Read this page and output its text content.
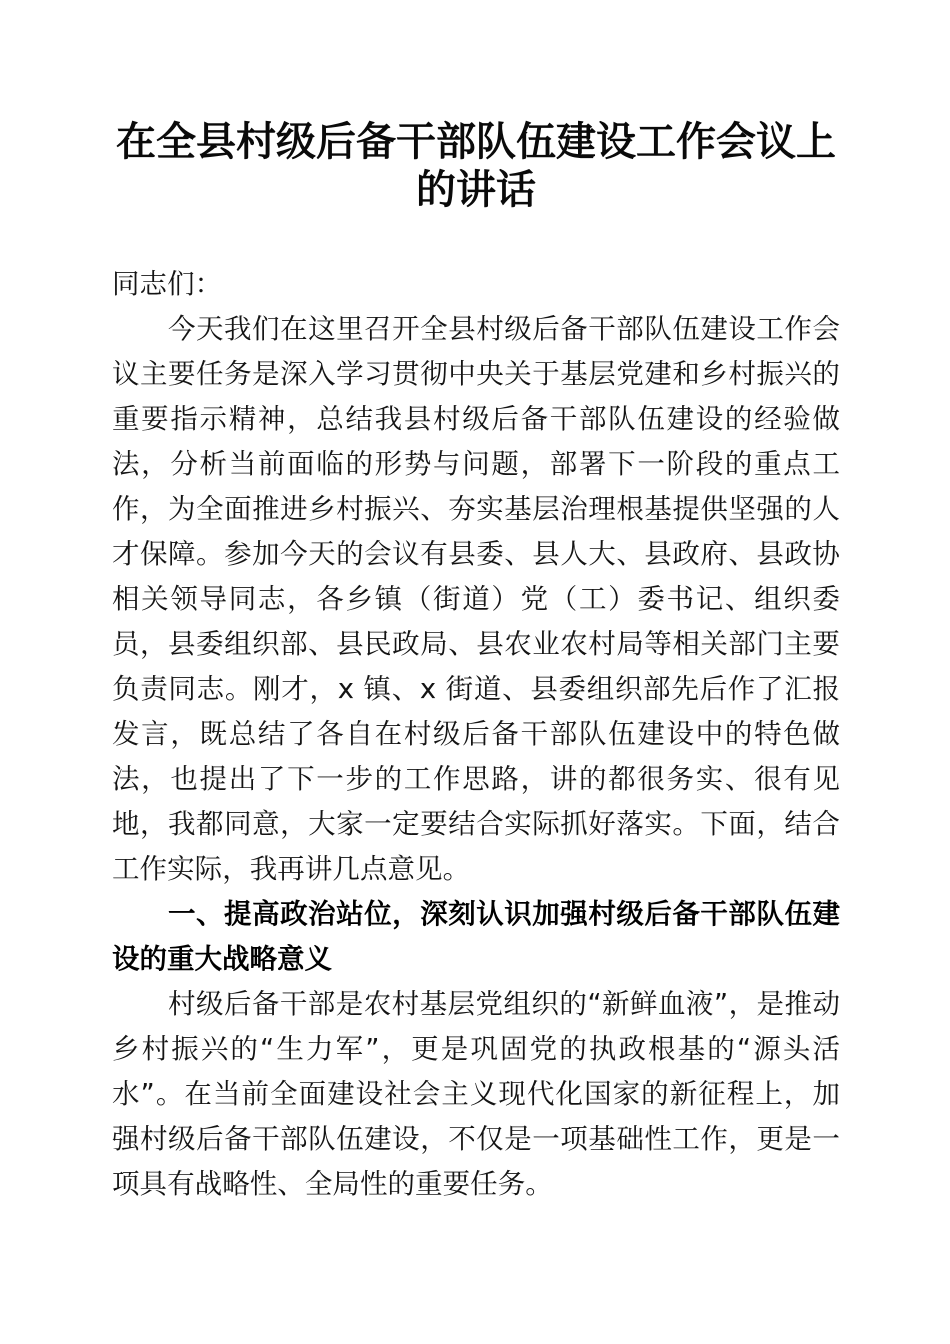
在全县村级后备干部队伍建设工作会议上的讲话

同志们：

今天我们在这里召开全县村级后备干部队伍建设工作会议主要任务是深入学习贯彻中央关于基层党建和乡村振兴的重要指示精神，总结我县村级后备干部队伍建设的经验做法，分析当前面临的形势与问题，部署下一阶段的重点工作，为全面推进乡村振兴、夯实基层治理根基提供坚强的人才保障。参加今天的会议有县委、县人大、县政府、县政协相关领导同志，各乡镇（街道）党（工）委书记、组织委员，县委组织部、县民政局、县农业农村局等相关部门主要负责同志。刚才，x 镇、x 街道、县委组织部先后作了汇报发言，既总结了各自在村级后备干部队伍建设中的特色做法，也提出了下一步的工作思路，讲的都很务实、很有见地，我都同意，大家一定要结合实际抓好落实。下面，结合工作实际，我再讲几点意见。

一、提高政治站位，深刻认识加强村级后备干部队伍建设的重大战略意义

村级后备干部是农村基层党组织的“新鲜血液”，是推动乡村振兴的“生力军”，更是巩固党的执政根基的“源头活水”。在当前全面建设社会主义现代化国家的新征程上，加强村级后备干部队伍建设，不仅是一项基础性工作，更是一项具有战略性、全局性的重要任务。
